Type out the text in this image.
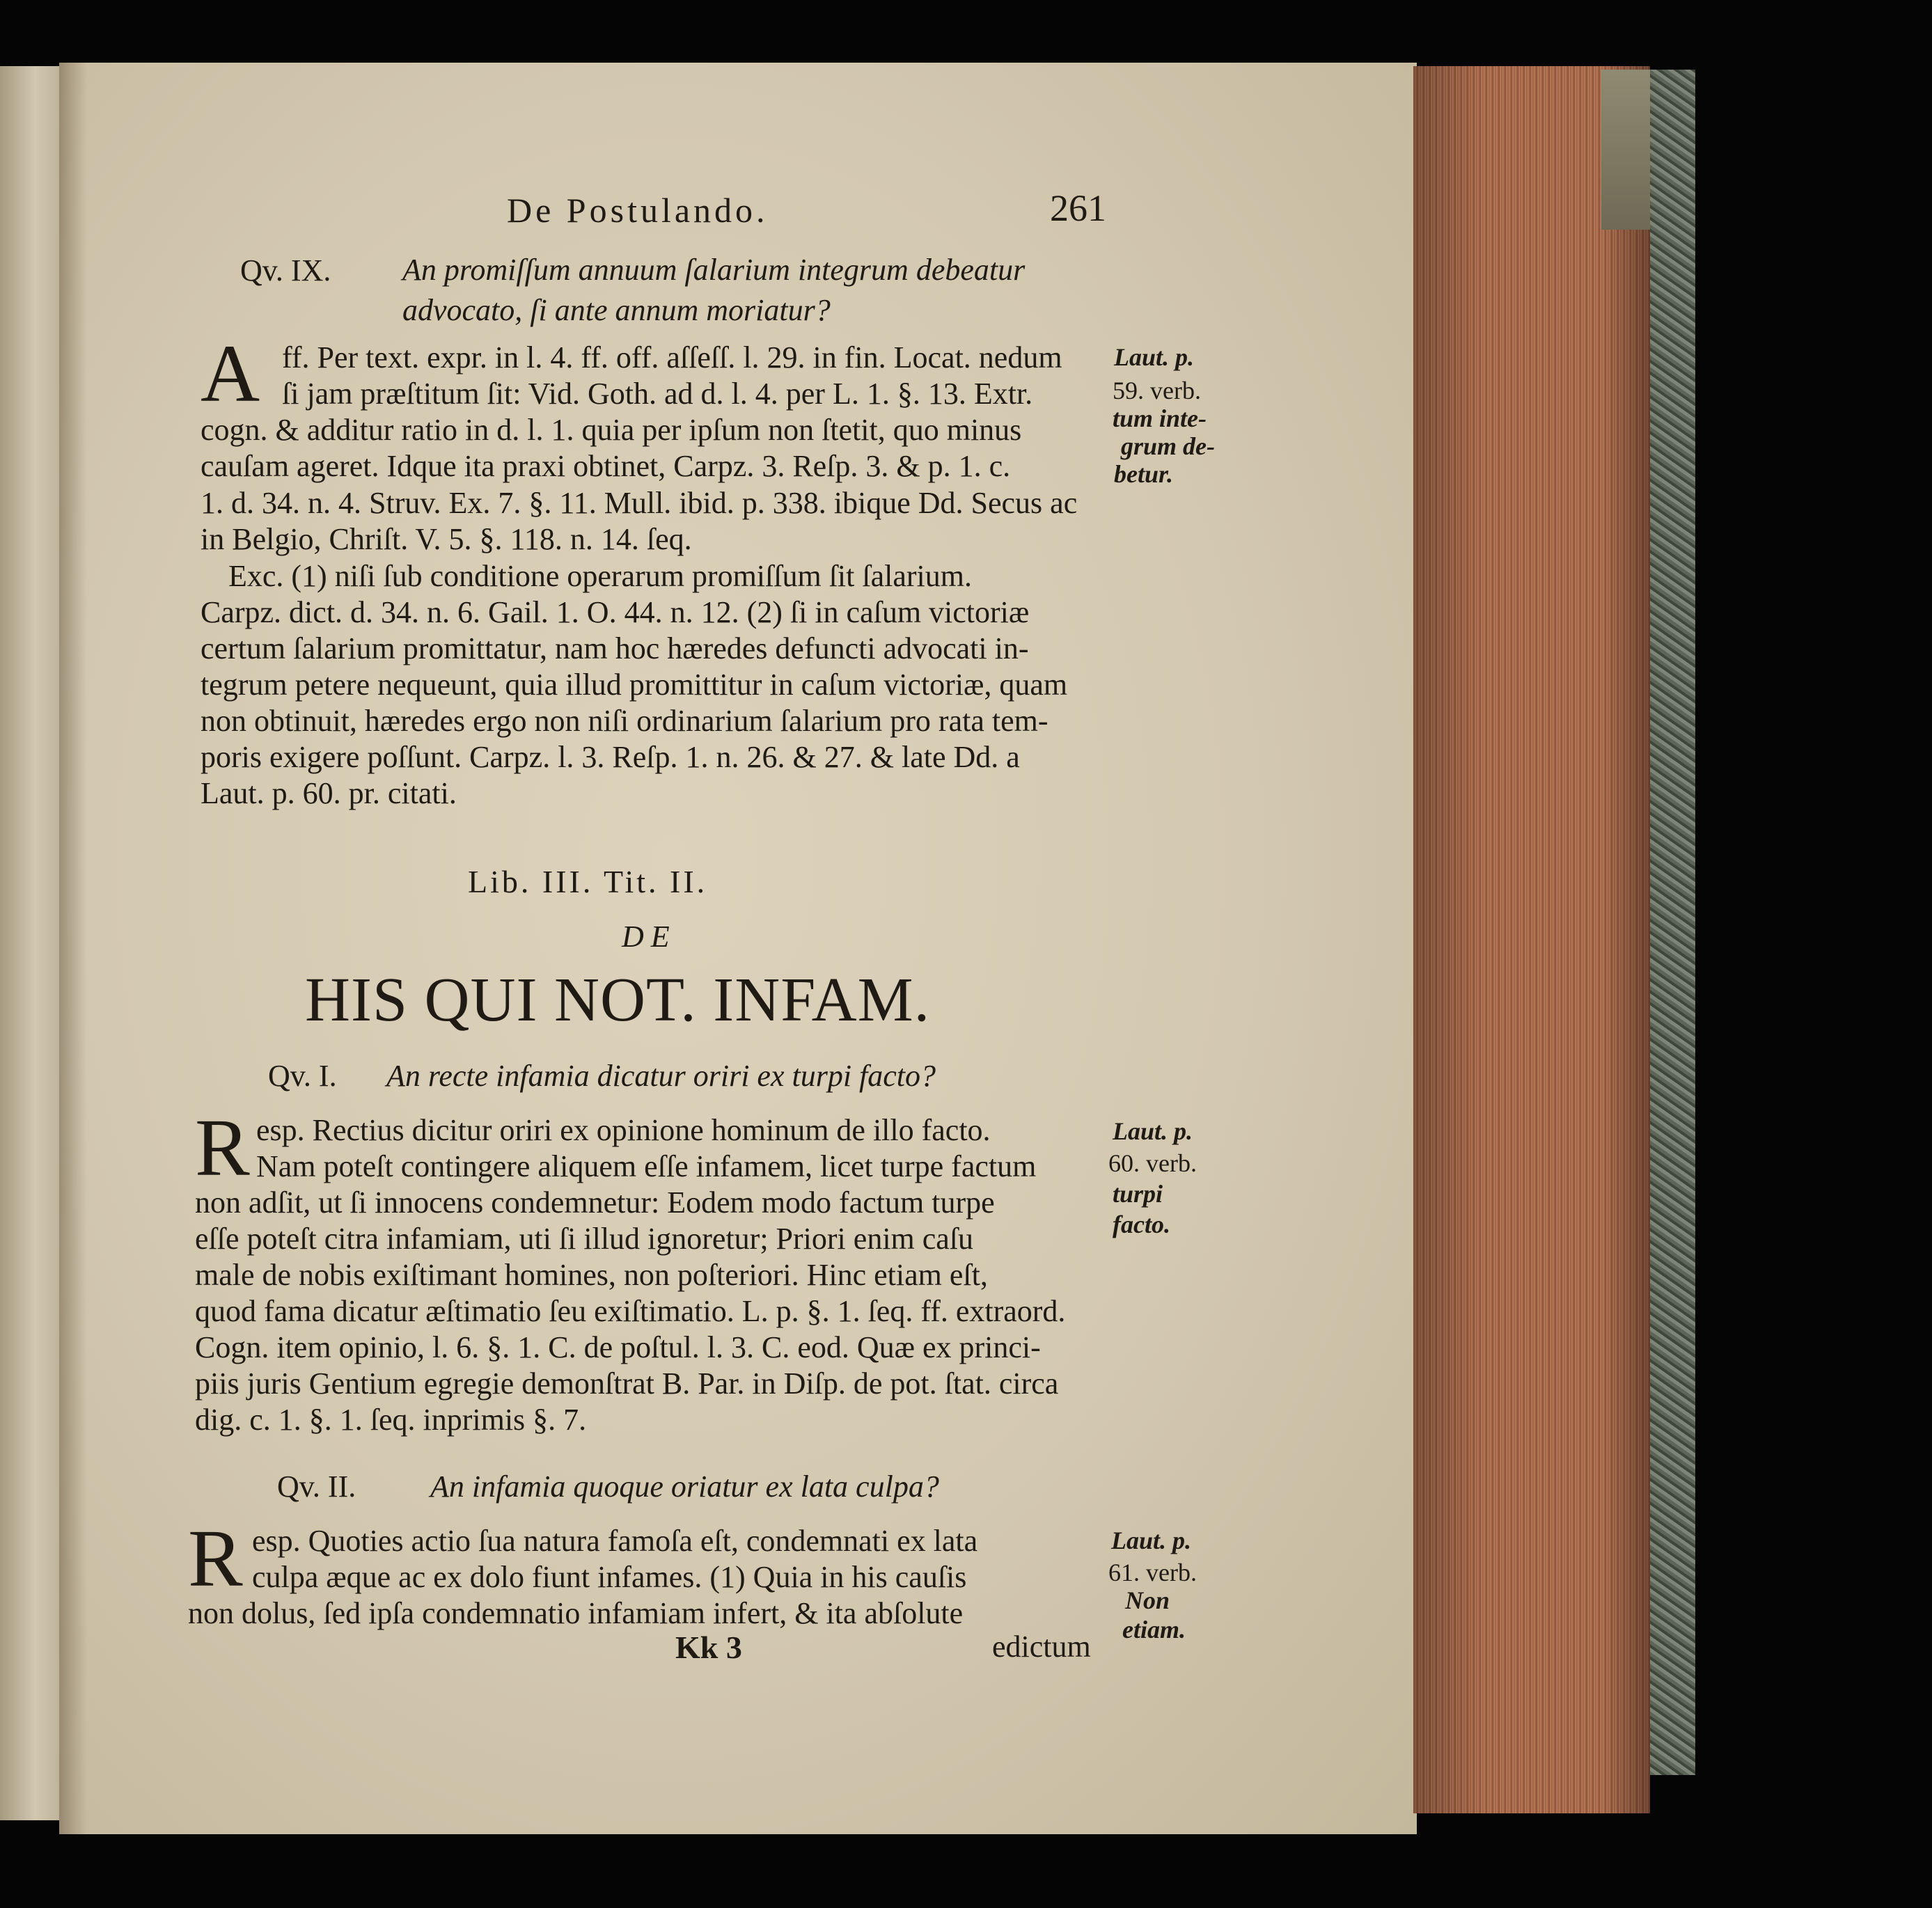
De Postulando.	261
Qv. IX. An promiſſum annuum ſalarium integrum debeatur
advocato, ſi ante annum moriatur?
A ff. Per text. expr. in l. 4. ff. off. aſſeſſ. l. 29. in fin. Locat. nedum
ſi jam præſtitum ſit: Vid. Goth. ad d. l. 4. per L. 1. §. 13. Extr.
cogn. & additur ratio in d. l. 1. quia per ipſum non ſtetit, quo minus
cauſam ageret. Idque ita praxi obtinet, Carpz. 3. Reſp. 3. & p. 1. c.
1. d. 34. n. 4. Struv. Ex. 7. §. 11. Mull. ibid. p. 338. ibique Dd. Secus ac
in Belgio, Chriſt. V. 5. §. 118. n. 14. ſeq.
Exc. (1) niſi ſub conditione operarum promiſſum ſit ſalarium.
Carpz. dict. d. 34. n. 6. Gail. 1. O. 44. n. 12. (2) ſi in caſum victoriæ
certum ſalarium promittatur, nam hoc hæredes defuncti advocati in-
tegrum petere nequeunt, quia illud promittitur in caſum victoriæ, quam
non obtinuit, hæredes ergo non niſi ordinarium ſalarium pro rata tem-
poris exigere poſſunt. Carpz. l. 3. Reſp. 1. n. 26. & 27. & late Dd. a
Laut. p. 60. pr. citati.
Laut. p.
59. verb.
tum inte-
grum de-
betur.
Lib. III. Tit. II.
DE
HIS QUI NOT. INFAM.
Qv. I. An recte infamia dicatur oriri ex turpi facto?
R esp. Rectius dicitur oriri ex opinione hominum de illo facto.
Nam poteſt contingere aliquem eſſe infamem, licet turpe factum
non adſit, ut ſi innocens condemnetur: Eodem modo factum turpe
eſſe poteſt citra infamiam, uti ſi illud ignoretur; Priori enim caſu
male de nobis exiſtimant homines, non poſteriori. Hinc etiam eſt,
quod fama dicatur æſtimatio ſeu exiſtimatio. L. p. §. 1. ſeq. ff. extraord.
Cogn. item opinio, l. 6. §. 1. C. de poſtul. l. 3. C. eod. Quæ ex princi-
piis juris Gentium egregie demonſtrat B. Par. in Diſp. de pot. ſtat. circa
dig. c. 1. §. 1. ſeq. inprimis §. 7.
Laut. p.
60. verb.
turpi
facto.
Qv. II. An infamia quoque oriatur ex lata culpa?
R esp. Quoties actio ſua natura famoſa eſt, condemnati ex lata
culpa æque ac ex dolo fiunt infames. (1) Quia in his cauſis
non dolus, ſed ipſa condemnatio infamiam infert, & ita abſolute
Laut. p.
61. verb.
Non
etiam.
Kk 3	edictum
